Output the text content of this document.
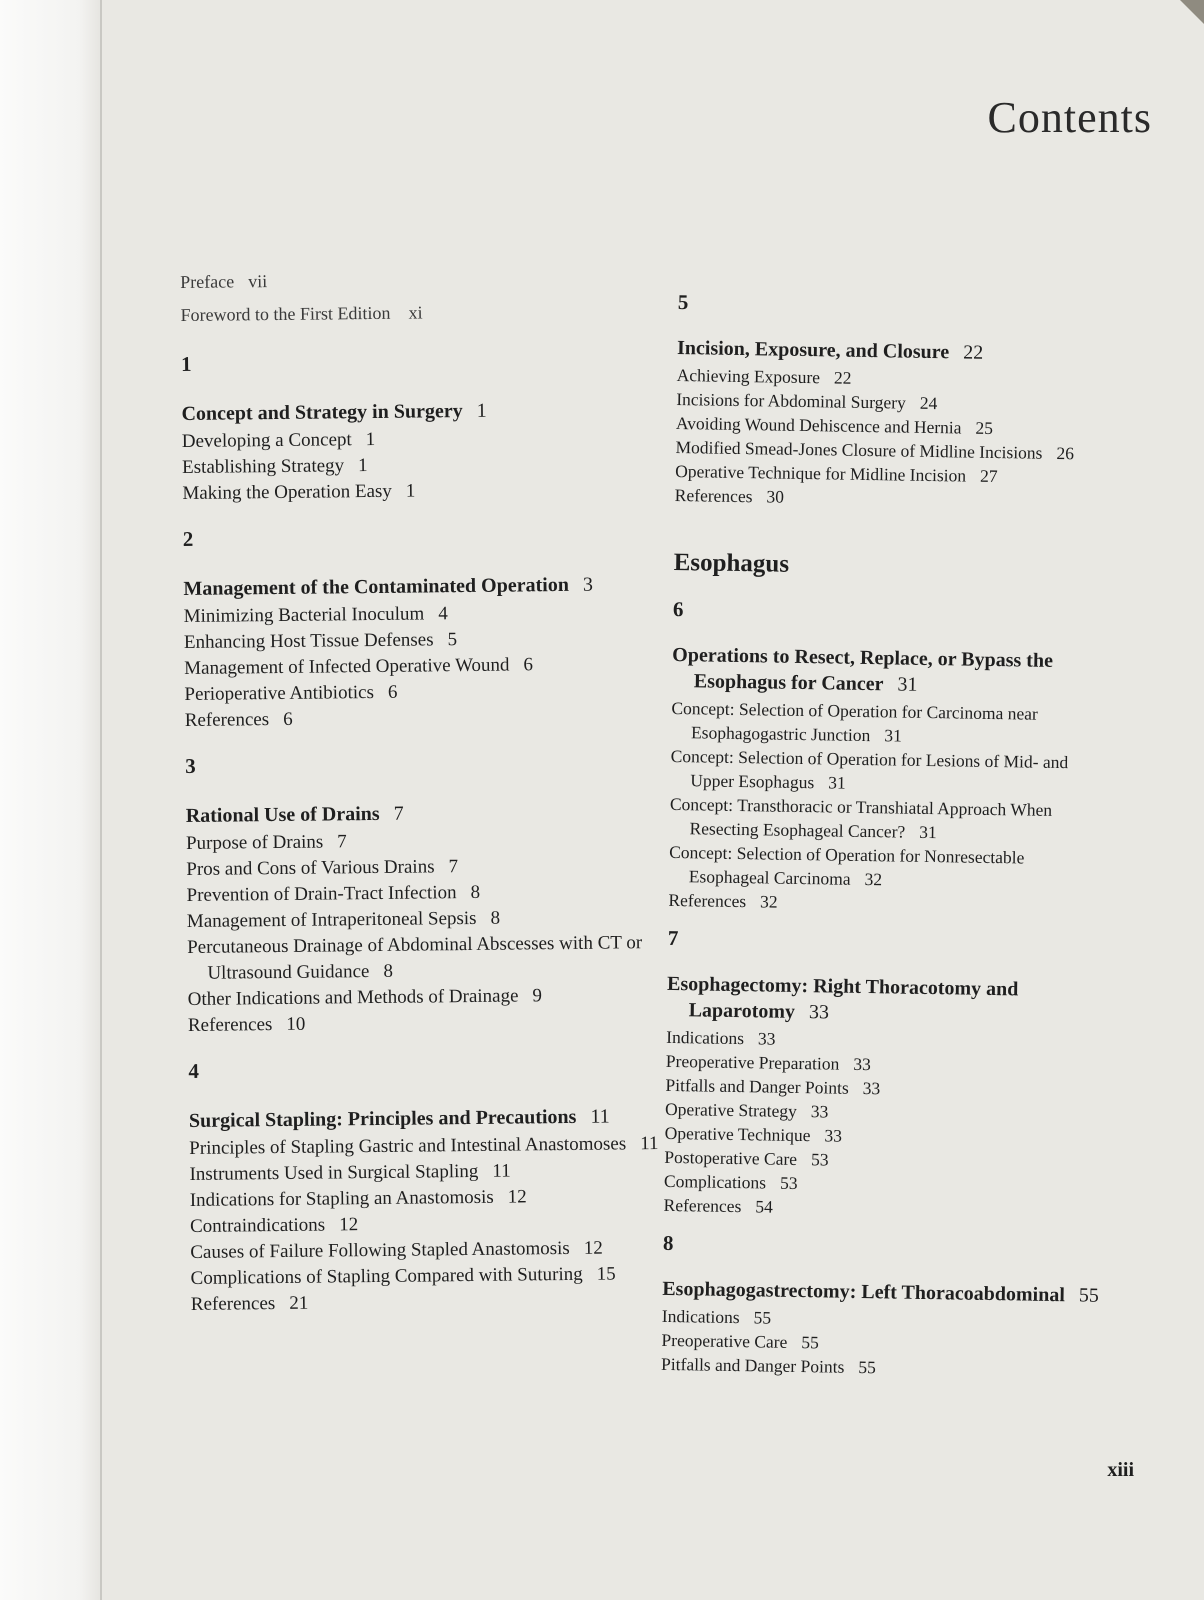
Contents
Preface vii
Foreword to the First Edition xi
1
Concept and Strategy in Surgery 1
Developing a Concept 1
Establishing Strategy 1
Making the Operation Easy 1
2
Management of the Contaminated Operation 3
Minimizing Bacterial Inoculum 4
Enhancing Host Tissue Defenses 5
Management of Infected Operative Wound 6
Perioperative Antibiotics 6
References 6
3
Rational Use of Drains 7
Purpose of Drains 7
Pros and Cons of Various Drains 7
Prevention of Drain-Tract Infection 8
Management of Intraperitoneal Sepsis 8
Percutaneous Drainage of Abdominal Abscesses with CT or Ultrasound Guidance 8
Other Indications and Methods of Drainage 9
References 10
4
Surgical Stapling: Principles and Precautions 11
Principles of Stapling Gastric and Intestinal Anastomoses 11
Instruments Used in Surgical Stapling 11
Indications for Stapling an Anastomosis 12
Contraindications 12
Causes of Failure Following Stapled Anastomosis 12
Complications of Stapling Compared with Suturing 15
References 21
5
Incision, Exposure, and Closure 22
Achieving Exposure 22
Incisions for Abdominal Surgery 24
Avoiding Wound Dehiscence and Hernia 25
Modified Smead-Jones Closure of Midline Incisions 26
Operative Technique for Midline Incision 27
References 30
Esophagus
6
Operations to Resect, Replace, or Bypass the Esophagus for Cancer 31
Concept: Selection of Operation for Carcinoma near Esophagogastric Junction 31
Concept: Selection of Operation for Lesions of Mid- and Upper Esophagus 31
Concept: Transthoracic or Transhiatal Approach When Resecting Esophageal Cancer? 31
Concept: Selection of Operation for Nonresectable Esophageal Carcinoma 32
References 32
7
Esophagectomy: Right Thoracotomy and Laparotomy 33
Indications 33
Preoperative Preparation 33
Pitfalls and Danger Points 33
Operative Strategy 33
Operative Technique 33
Postoperative Care 53
Complications 53
References 54
8
Esophagogastrectomy: Left Thoracoabdominal 55
Indications 55
Preoperative Care 55
Pitfalls and Danger Points 55
xiii
